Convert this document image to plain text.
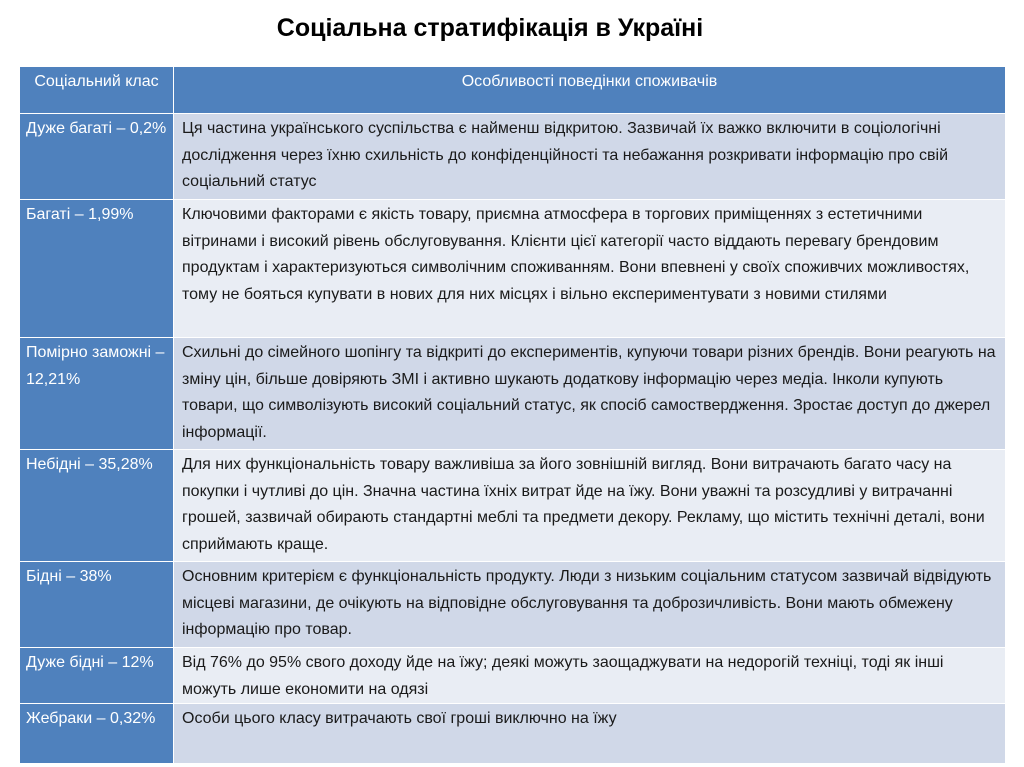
Соціальна стратифікація в Україні
Соціальний клас	Особливості поведінки споживачів
Дуже багаті – 0,2%	Ця частина українського суспільства є найменш відкритою. Зазвичай їх важко включити в соціологічні дослідження через їхню схильність до конфіденційності та небажання розкривати інформацію про свій соціальний статус
Багаті – 1,99%	Ключовими факторами є якість товару, приємна атмосфера в торгових приміщеннях з естетичними вітринами і високий рівень обслуговування. Клієнти цієї категорії часто віддають перевагу брендовим продуктам і характеризуються символічним споживанням. Вони впевнені у своїх споживчих можливостях, тому не бояться купувати в нових для них місцях і вільно експериментувати з новими стилями
Помірно заможні – 12,21%	Схильні до сімейного шопінгу та відкриті до експериментів, купуючи товари різних брендів. Вони реагують на зміну цін, більше довіряють ЗМІ і активно шукають додаткову інформацію через медіа. Інколи купують товари, що символізують високий соціальний статус, як спосіб самоствердження. Зростає доступ до джерел інформації.
Небідні – 35,28%	Для них функціональність товару важливіша за його зовнішній вигляд. Вони витрачають багато часу на покупки і чутливі до цін. Значна частина їхніх витрат йде на їжу. Вони уважні та розсудливі у витрачанні грошей, зазвичай обирають стандартні меблі та предмети декору. Рекламу, що містить технічні деталі, вони сприймають краще.
Бідні – 38%	Основним критерієм є функціональність продукту. Люди з низьким соціальним статусом зазвичай відвідують місцеві магазини, де очікують на відповідне обслуговування та доброзичливість. Вони мають обмежену інформацію про товар.
Дуже бідні – 12%	Від 76% до 95% свого доходу йде на їжу; деякі можуть заощаджувати на недорогій техніці, тоді як інші можуть лише економити на одязі
Жебраки – 0,32%	Особи цього класу витрачають свої гроші виключно на їжу
